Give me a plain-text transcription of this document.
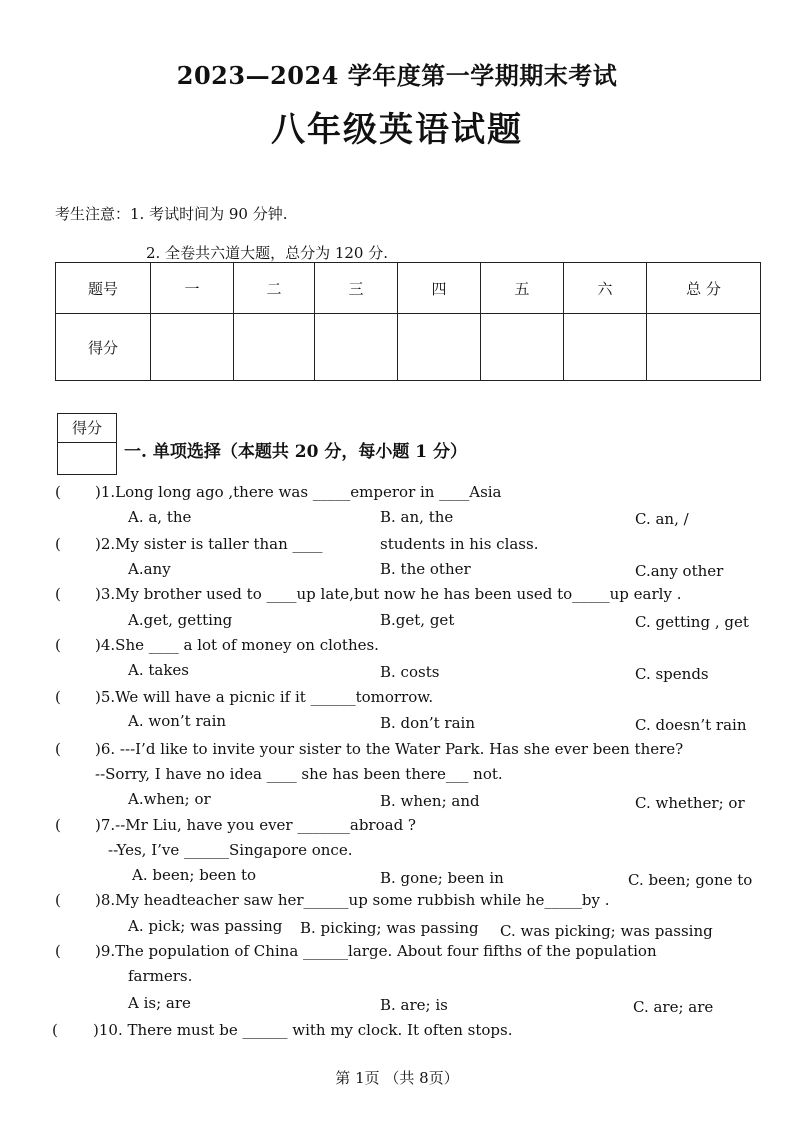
2023—2024 学年度第一学期期末考试
八年级英语试题
考生注意：1. 考试时间为 90 分钟.
2. 全卷共六道大题，总分为 120 分.
题号	一	二	三	四	五	六	总 分
得分							
得分
一. 单项选择（本题共 20 分，每小题 1 分）
( )1.Long long ago ,there was _____emperor in ____Asia
A. a, the	B. an, the	C. an, /
( )2.My sister is taller than ____	students in his class.
A.any	B. the other	C.any other
( )3.My brother used to ____up late,but now he has been used to_____up early .
A.get, getting	B.get, get	C. getting , get
( )4.She ____ a lot of money on clothes.
A. takes	B. costs	C. spends
( )5.We will have a picnic if it ______tomorrow.
A. won’t rain	B. don’t rain	C. doesn’t rain
( )6. ---I’d like to invite your sister to the Water Park. Has she ever been there?
--Sorry, I have no idea ____ she has been there___ not.
A.when; or	B. when; and	C. whether; or
( )7.--Mr Liu, have you ever _______abroad ?
--Yes, I’ve ______Singapore once.
A. been; been to	B. gone; been in	C. been; gone to
( )8.My headteacher saw her______up some rubbish while he_____by .
A. pick; was passing B. picking; was passing C. was picking; was passing
( )9.The population of China ______large. About four fifths of the population
farmers.
A is; are	B. are; is	C. are; are
( )10. There must be ______ with my clock. It often stops.
第 1页 （共 8页）
